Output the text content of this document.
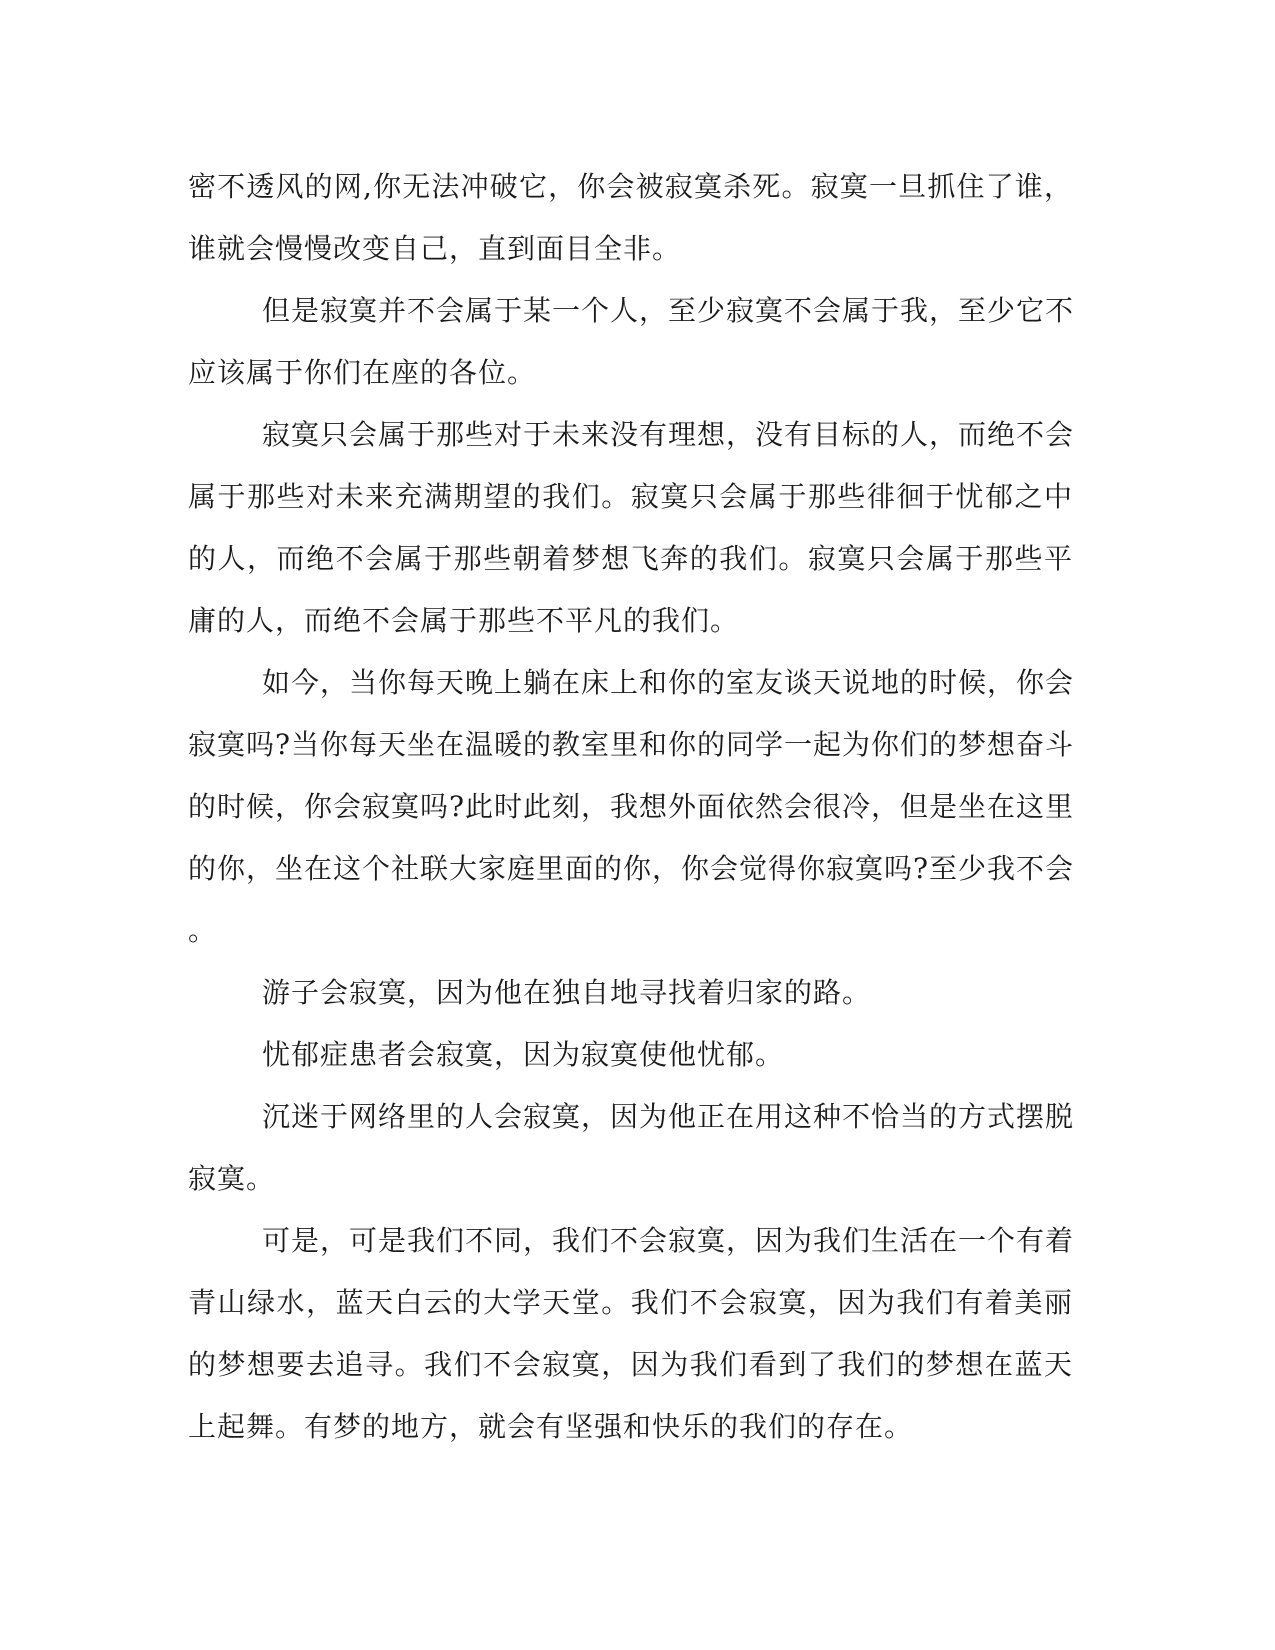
密不透风的网,你无法冲破它，你会被寂寞杀死。寂寞一旦抓住了谁，
谁就会慢慢改变自己，直到面目全非。
但是寂寞并不会属于某一个人，至少寂寞不会属于我，至少它不
应该属于你们在座的各位。
寂寞只会属于那些对于未来没有理想，没有目标的人，而绝不会
属于那些对未来充满期望的我们。寂寞只会属于那些徘徊于忧郁之中
的人，而绝不会属于那些朝着梦想飞奔的我们。寂寞只会属于那些平
庸的人，而绝不会属于那些不平凡的我们。
如今，当你每天晚上躺在床上和你的室友谈天说地的时候，你会
寂寞吗?当你每天坐在温暖的教室里和你的同学一起为你们的梦想奋斗
的时候，你会寂寞吗?此时此刻，我想外面依然会很冷，但是坐在这里
的你，坐在这个社联大家庭里面的你，你会觉得你寂寞吗?至少我不会
。
游子会寂寞，因为他在独自地寻找着归家的路。
忧郁症患者会寂寞，因为寂寞使他忧郁。
沉迷于网络里的人会寂寞，因为他正在用这种不恰当的方式摆脱
寂寞。
可是，可是我们不同，我们不会寂寞，因为我们生活在一个有着
青山绿水，蓝天白云的大学天堂。我们不会寂寞，因为我们有着美丽
的梦想要去追寻。我们不会寂寞，因为我们看到了我们的梦想在蓝天
上起舞。有梦的地方，就会有坚强和快乐的我们的存在。
